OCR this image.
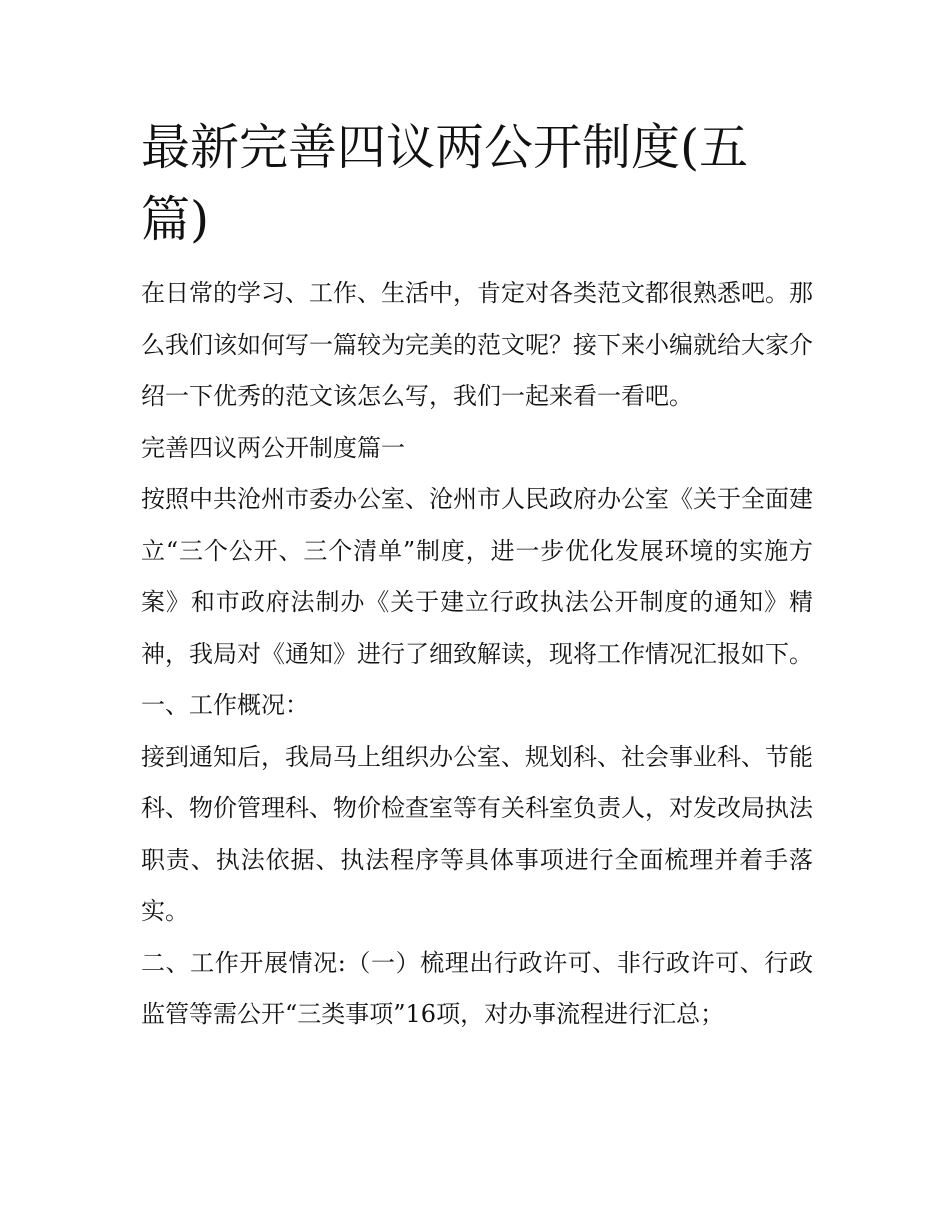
最新完善四议两公开制度(五篇)

在日常的学习、工作、生活中，肯定对各类范文都很熟悉吧。那么我们该如何写一篇较为完美的范文呢？接下来小编就给大家介绍一下优秀的范文该怎么写，我们一起来看一看吧。

完善四议两公开制度篇一

按照中共沧州市委办公室、沧州市人民政府办公室《关于全面建立“三个公开、三个清单”制度，进一步优化发展环境的实施方案》和市政府法制办《关于建立行政执法公开制度的通知》精神，我局对《通知》进行了细致解读，现将工作情况汇报如下。

一、工作概况：

接到通知后，我局马上组织办公室、规划科、社会事业科、节能科、物价管理科、物价检查室等有关科室负责人，对发改局执法职责、执法依据、执法程序等具体事项进行全面梳理并着手落实。

二、工作开展情况:（一）梳理出行政许可、非行政许可、行政监管等需公开“三类事项”16项，对办事流程进行汇总；
